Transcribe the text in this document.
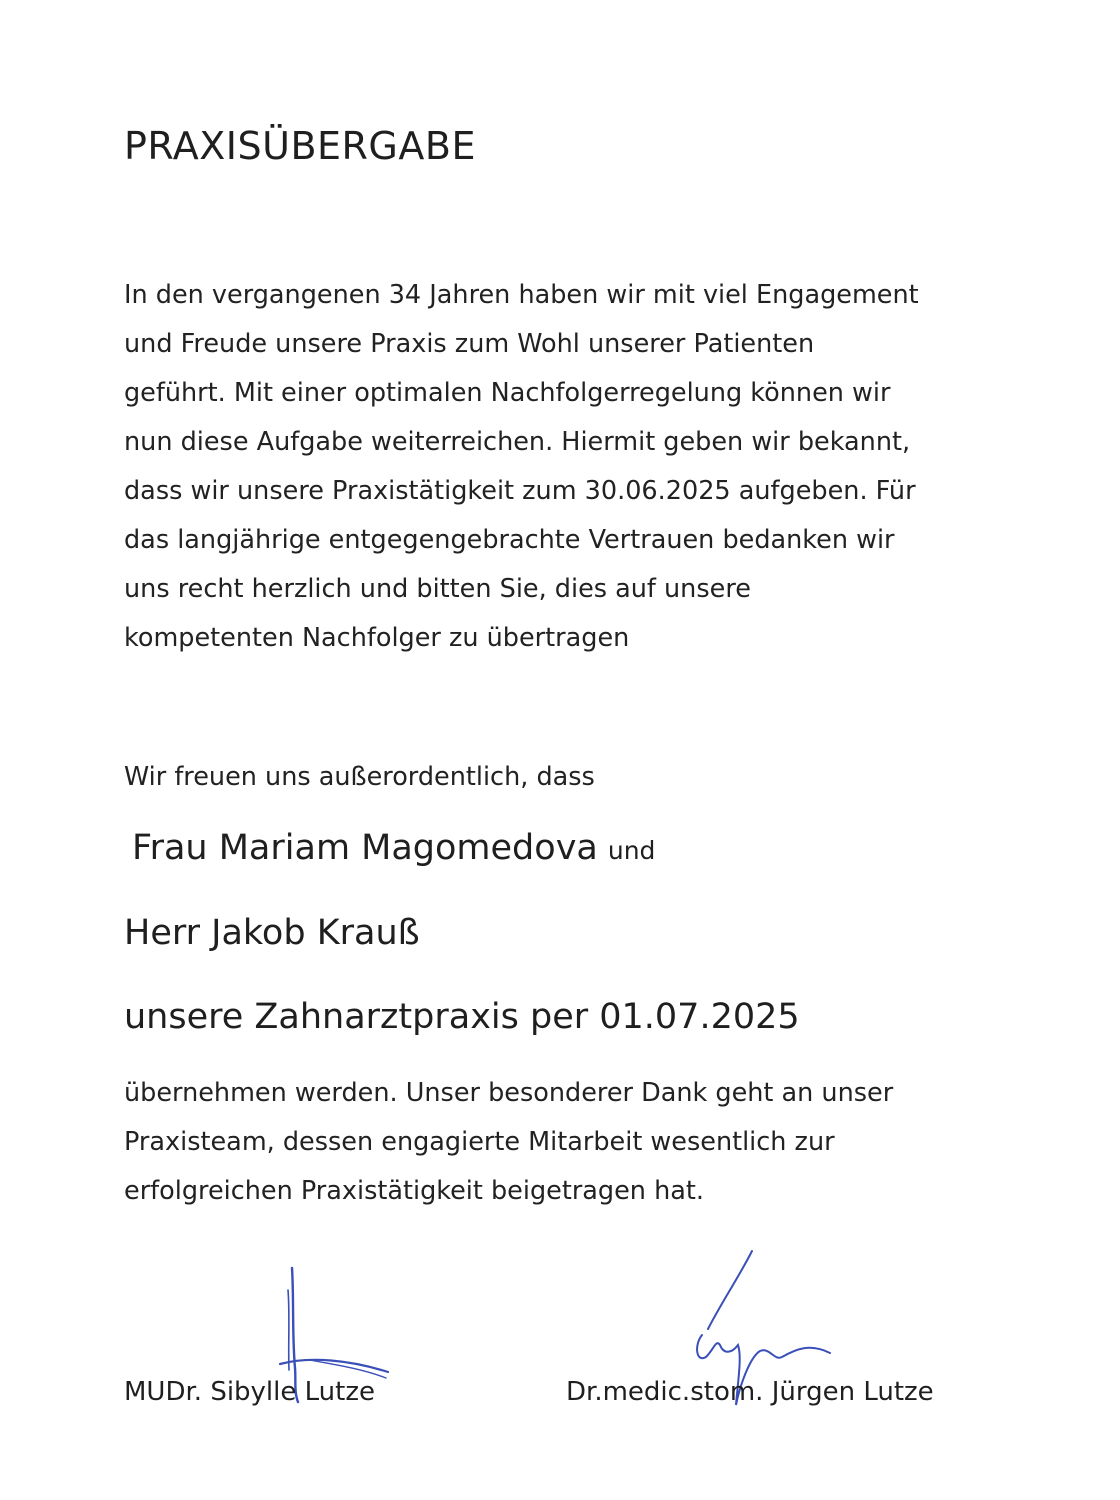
PRAXISÜBERGABE
In den vergangenen 34 Jahren haben wir mit viel Engagement
und Freude unsere Praxis zum Wohl unserer Patienten
geführt. Mit einer optimalen Nachfolgerregelung können wir
nun diese Aufgabe weiterreichen. Hiermit geben wir bekannt,
dass wir unsere Praxistätigkeit zum 30.06.2025 aufgeben. Für
das langjährige entgegengebrachte Vertrauen bedanken wir
uns recht herzlich und bitten Sie, dies auf unsere
kompetenten Nachfolger zu übertragen
Wir freuen uns außerordentlich, dass
Frau Mariam Magomedova und
Herr Jakob Krauß
unsere Zahnarztpraxis per 01.07.2025
übernehmen werden. Unser besonderer Dank geht an unser
Praxisteam, dessen engagierte Mitarbeit wesentlich zur
erfolgreichen Praxistätigkeit beigetragen hat.
MUDr. Sibylle Lutze	Dr.medic.stom. Jürgen Lutze
